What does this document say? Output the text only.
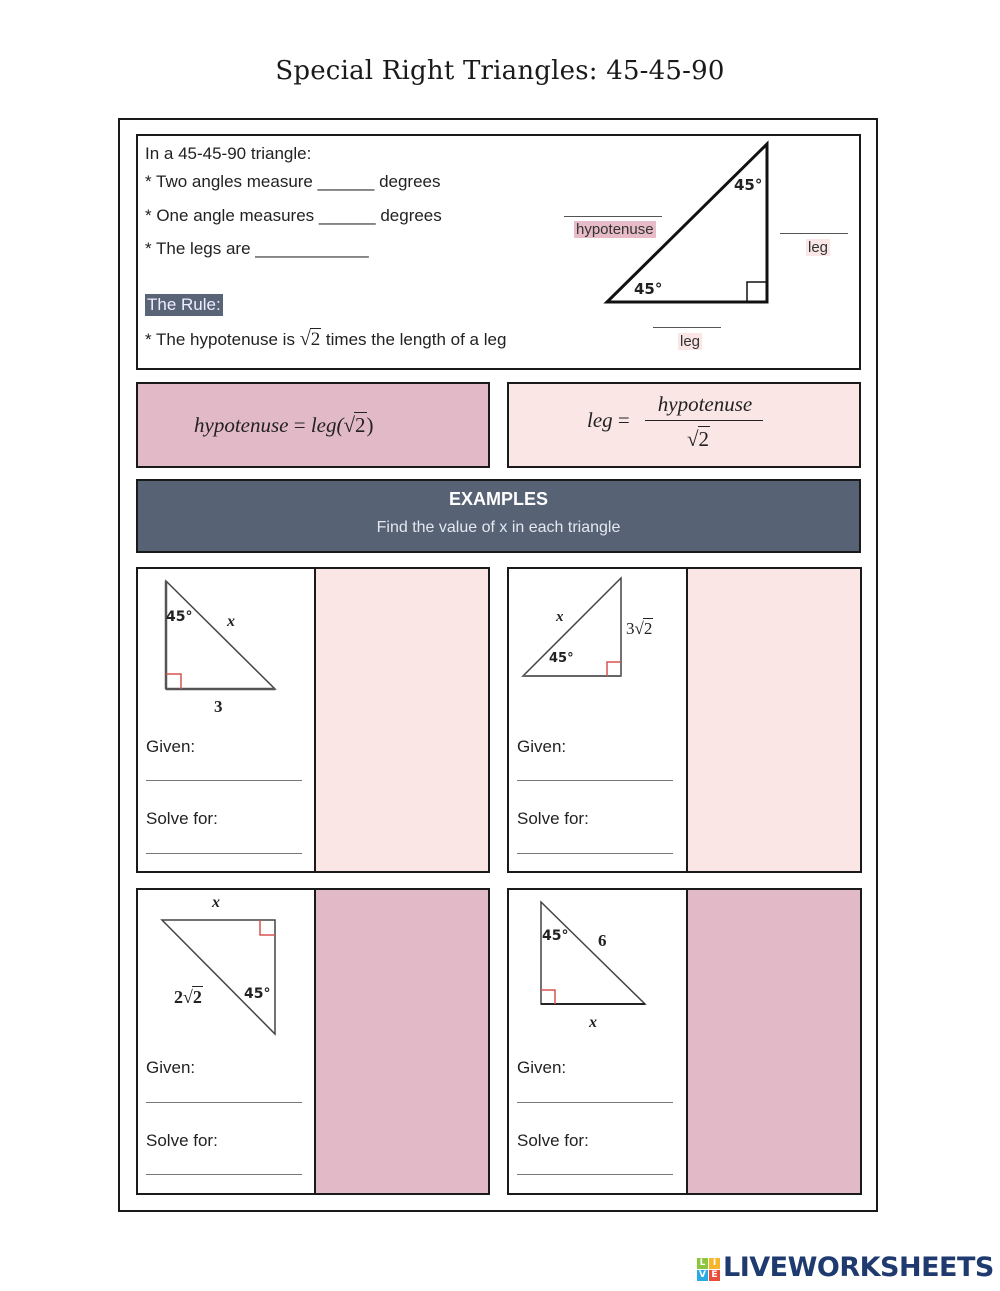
Special Right Triangles: 45-45-90
In a 45-45-90 triangle:
* Two angles measure ______ degrees
* One angle measures ______ degrees
* The legs are ____________
The Rule:
* The hypotenuse is √2 times the length of a leg
45°
45°
hypotenuse
leg
leg
hypotenuse = leg(√2)	leg =
hypotenuse
√2
EXAMPLES
Find the value of x in each triangle
45° x
3
Given:
Solve for:
x
45°
3√2
Given:
Solve for:
x
2√2	45°
Given:
Solve for:
45° 6
x
Given:
Solve for:
L I
V E LIVEWORKSHEETS
